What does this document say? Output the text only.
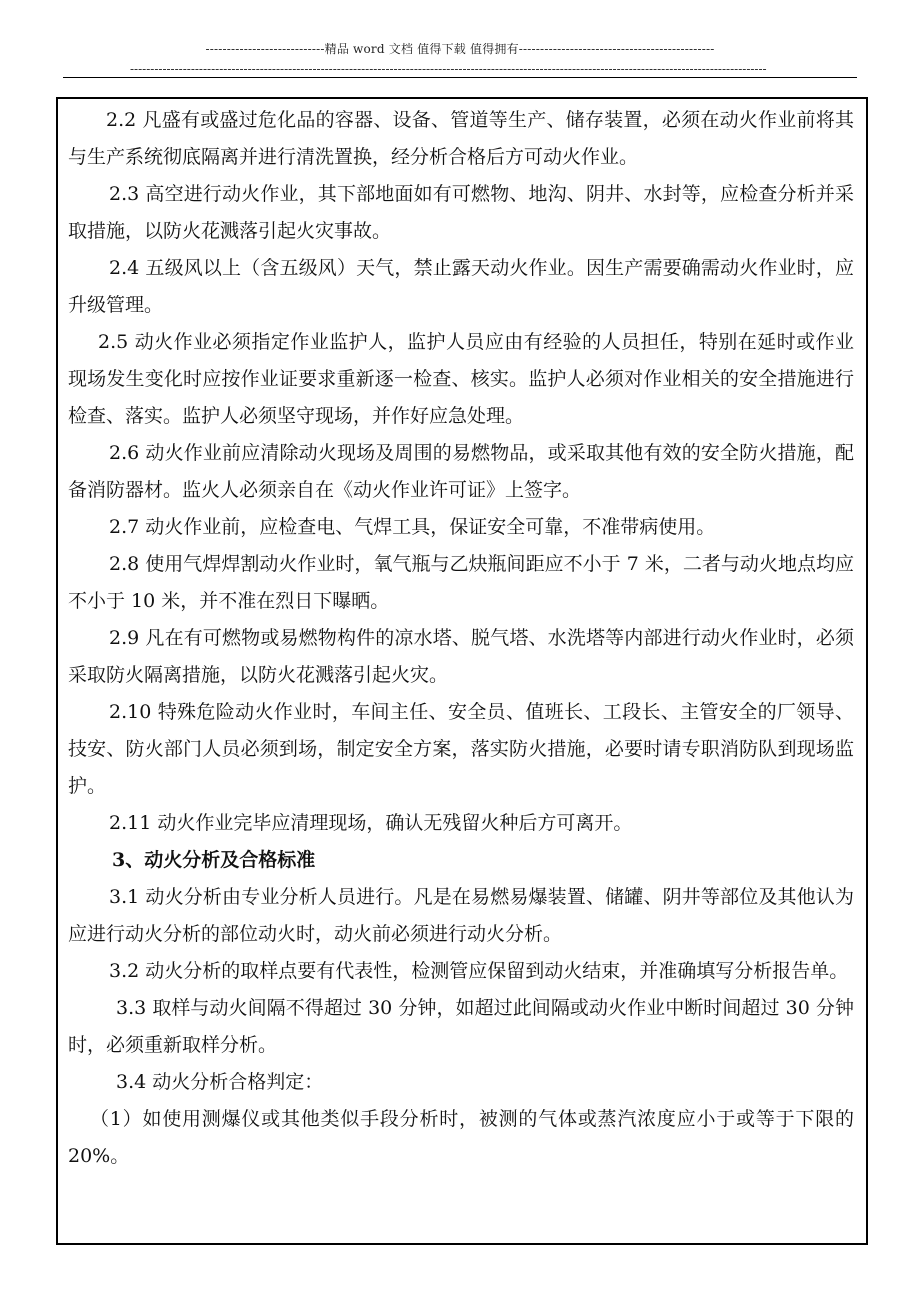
----------------------------精品 word 文档 值得下载 值得拥有----------------------------------------------
-------------------------------------------------------------------------------------------------------------------------------------------------------------

2.2 凡盛有或盛过危化品的容器、设备、管道等生产、储存装置，必须在动火作业前将其与生产系统彻底隔离并进行清洗置换，经分析合格后方可动火作业。

2.3 高空进行动火作业，其下部地面如有可燃物、地沟、阴井、水封等，应检查分析并采取措施，以防火花溅落引起火灾事故。

2.4 五级风以上（含五级风）天气，禁止露天动火作业。因生产需要确需动火作业时，应升级管理。

2.5 动火作业必须指定作业监护人，监护人员应由有经验的人员担任，特别在延时或作业现场发生变化时应按作业证要求重新逐一检查、核实。监护人必须对作业相关的安全措施进行检查、落实。监护人必须坚守现场，并作好应急处理。

2.6 动火作业前应清除动火现场及周围的易燃物品，或采取其他有效的安全防火措施，配备消防器材。监火人必须亲自在《动火作业许可证》上签字。

2.7 动火作业前，应检查电、气焊工具，保证安全可靠，不准带病使用。

2.8 使用气焊焊割动火作业时，氧气瓶与乙炔瓶间距应不小于 7 米，二者与动火地点均应不小于 10 米，并不准在烈日下曝晒。

2.9 凡在有可燃物或易燃物构件的凉水塔、脱气塔、水洗塔等内部进行动火作业时，必须采取防火隔离措施，以防火花溅落引起火灾。

2.10 特殊危险动火作业时，车间主任、安全员、值班长、工段长、主管安全的厂领导、技安、防火部门人员必须到场，制定安全方案，落实防火措施，必要时请专职消防队到现场监护。

2.11 动火作业完毕应清理现场，确认无残留火种后方可离开。

3、动火分析及合格标准

3.1 动火分析由专业分析人员进行。凡是在易燃易爆装置、储罐、阴井等部位及其他认为应进行动火分析的部位动火时，动火前必须进行动火分析。

3.2 动火分析的取样点要有代表性，检测管应保留到动火结束，并准确填写分析报告单。

3.3 取样与动火间隔不得超过 30 分钟，如超过此间隔或动火作业中断时间超过 30 分钟时，必须重新取样分析。

3.4 动火分析合格判定：

（1）如使用测爆仪或其他类似手段分析时，被测的气体或蒸汽浓度应小于或等于下限的 20%。
